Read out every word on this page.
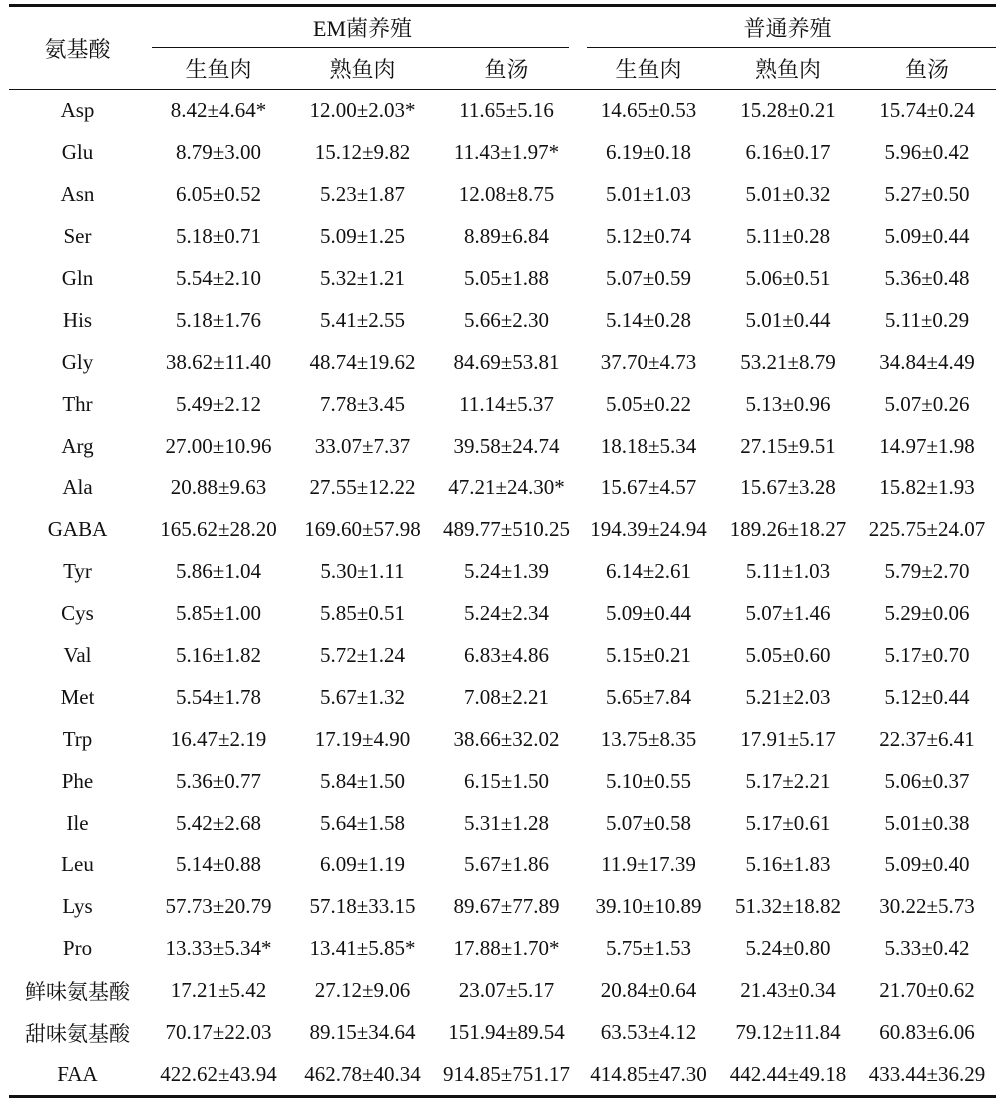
氨基酸	EM菌养殖			普通养殖		

	生鱼肉	熟鱼肉	鱼汤	生鱼肉	熟鱼肉	鱼汤
Asp	8.42±4.64*	12.00±2.03*	11.65±5.16	14.65±0.53	15.28±0.21	15.74±0.24
Glu	8.79±3.00	15.12±9.82	11.43±1.97*	6.19±0.18	6.16±0.17	5.96±0.42
Asn	6.05±0.52	5.23±1.87	12.08±8.75	5.01±1.03	5.01±0.32	5.27±0.50
Ser	5.18±0.71	5.09±1.25	8.89±6.84	5.12±0.74	5.11±0.28	5.09±0.44
Gln	5.54±2.10	5.32±1.21	5.05±1.88	5.07±0.59	5.06±0.51	5.36±0.48
His	5.18±1.76	5.41±2.55	5.66±2.30	5.14±0.28	5.01±0.44	5.11±0.29
Gly	38.62±11.40	48.74±19.62	84.69±53.81	37.70±4.73	53.21±8.79	34.84±4.49
Thr	5.49±2.12	7.78±3.45	11.14±5.37	5.05±0.22	5.13±0.96	5.07±0.26
Arg	27.00±10.96	33.07±7.37	39.58±24.74	18.18±5.34	27.15±9.51	14.97±1.98
Ala	20.88±9.63	27.55±12.22	47.21±24.30*	15.67±4.57	15.67±3.28	15.82±1.93
GABA	165.62±28.20	169.60±57.98	489.77±510.25	194.39±24.94	189.26±18.27	225.75±24.07
Tyr	5.86±1.04	5.30±1.11	5.24±1.39	6.14±2.61	5.11±1.03	5.79±2.70
Cys	5.85±1.00	5.85±0.51	5.24±2.34	5.09±0.44	5.07±1.46	5.29±0.06
Val	5.16±1.82	5.72±1.24	6.83±4.86	5.15±0.21	5.05±0.60	5.17±0.70
Met	5.54±1.78	5.67±1.32	7.08±2.21	5.65±7.84	5.21±2.03	5.12±0.44
Trp	16.47±2.19	17.19±4.90	38.66±32.02	13.75±8.35	17.91±5.17	22.37±6.41
Phe	5.36±0.77	5.84±1.50	6.15±1.50	5.10±0.55	5.17±2.21	5.06±0.37
Ile	5.42±2.68	5.64±1.58	5.31±1.28	5.07±0.58	5.17±0.61	5.01±0.38
Leu	5.14±0.88	6.09±1.19	5.67±1.86	11.9±17.39	5.16±1.83	5.09±0.40
Lys	57.73±20.79	57.18±33.15	89.67±77.89	39.10±10.89	51.32±18.82	30.22±5.73
Pro	13.33±5.34*	13.41±5.85*	17.88±1.70*	5.75±1.53	5.24±0.80	5.33±0.42
鲜味氨基酸	17.21±5.42	27.12±9.06	23.07±5.17	20.84±0.64	21.43±0.34	21.70±0.62
甜味氨基酸	70.17±22.03	89.15±34.64	151.94±89.54	63.53±4.12	79.12±11.84	60.83±6.06
FAA	422.62±43.94	462.78±40.34	914.85±751.17	414.85±47.30	442.44±49.18	433.44±36.29
